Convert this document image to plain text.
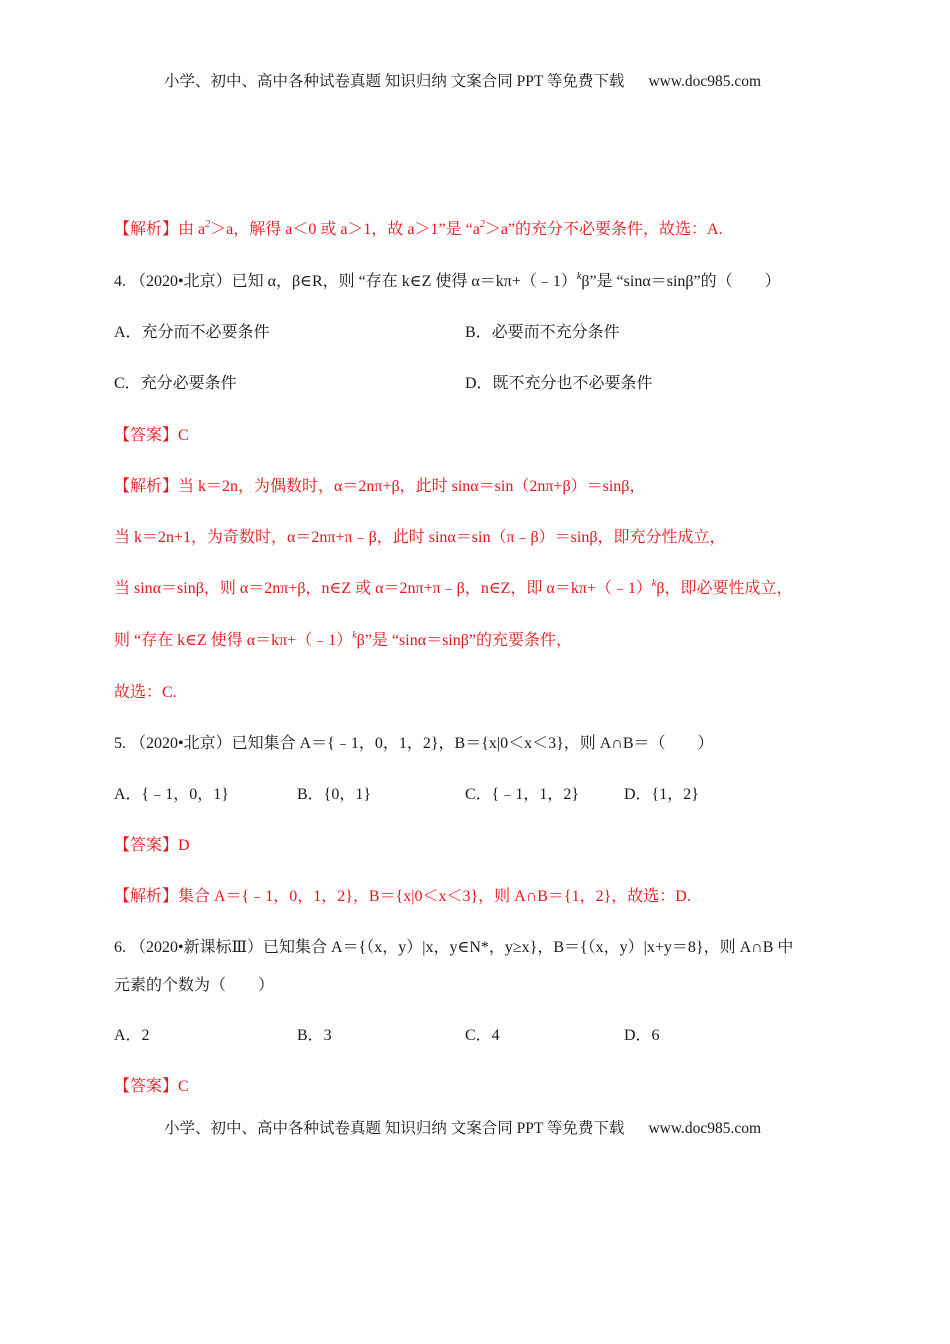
小学、初中、高中各种试卷真题 知识归纳 文案合同 PPT 等免费下载 www.doc985.com
【解析】由 $a^2>a$，解得 a＜0 或 a＞1，故 a＞1”是 “$a^2>a$”的充分不必要条件，故选：A.
4. （2020•北京）已知 α，β∈R，则 “存在 k∈Z 使得 α＝kπ+（﹣1）$^k$β”是 “sinα＝sinβ”的（　　）
A．充分而不必要条件	B．必要而不充分条件
C．充分必要条件	D．既不充分也不必要条件
【答案】C
【解析】当 k＝2n，为偶数时，α＝2nπ+β，此时 sinα＝sin（2nπ+β）＝sinβ，
当 k＝2n+1，为奇数时，α＝2nπ+π﹣β，此时 sinα＝sin（π﹣β）＝sinβ，即充分性成立，
当 sinα＝sinβ，则 α＝2nπ+β，n∈Z 或 α＝2nπ+π﹣β，n∈Z，即 α＝kπ+（﹣1）$^k$β，即必要性成立，
则 “存在 k∈Z 使得 α＝kπ+（﹣1）$^k$β”是 “sinα＝sinβ”的充要条件，
故选：C.
5. （2020•北京）已知集合 A＝{﹣1，0，1，2}，B＝{x|0＜x＜3}，则 A∩B＝（　　）
A．{﹣1，0，1}	B．{0，1}	C．{﹣1，1，2}	D．{1，2}
【答案】D
【解析】集合 A＝{﹣1，0，1，2}，B＝{x|0＜x＜3}，则 A∩B＝{1，2}，故选：D.
6. （2020•新课标Ⅲ）已知集合 A＝{（x，y）|x，y∈N*，y≥x}，B＝{（x，y）|x+y＝8}，则 A∩B 中
元素的个数为（　　）
A．2	B．3	C．4	D．6
【答案】C
小学、初中、高中各种试卷真题 知识归纳 文案合同 PPT 等免费下载 www.doc985.com
